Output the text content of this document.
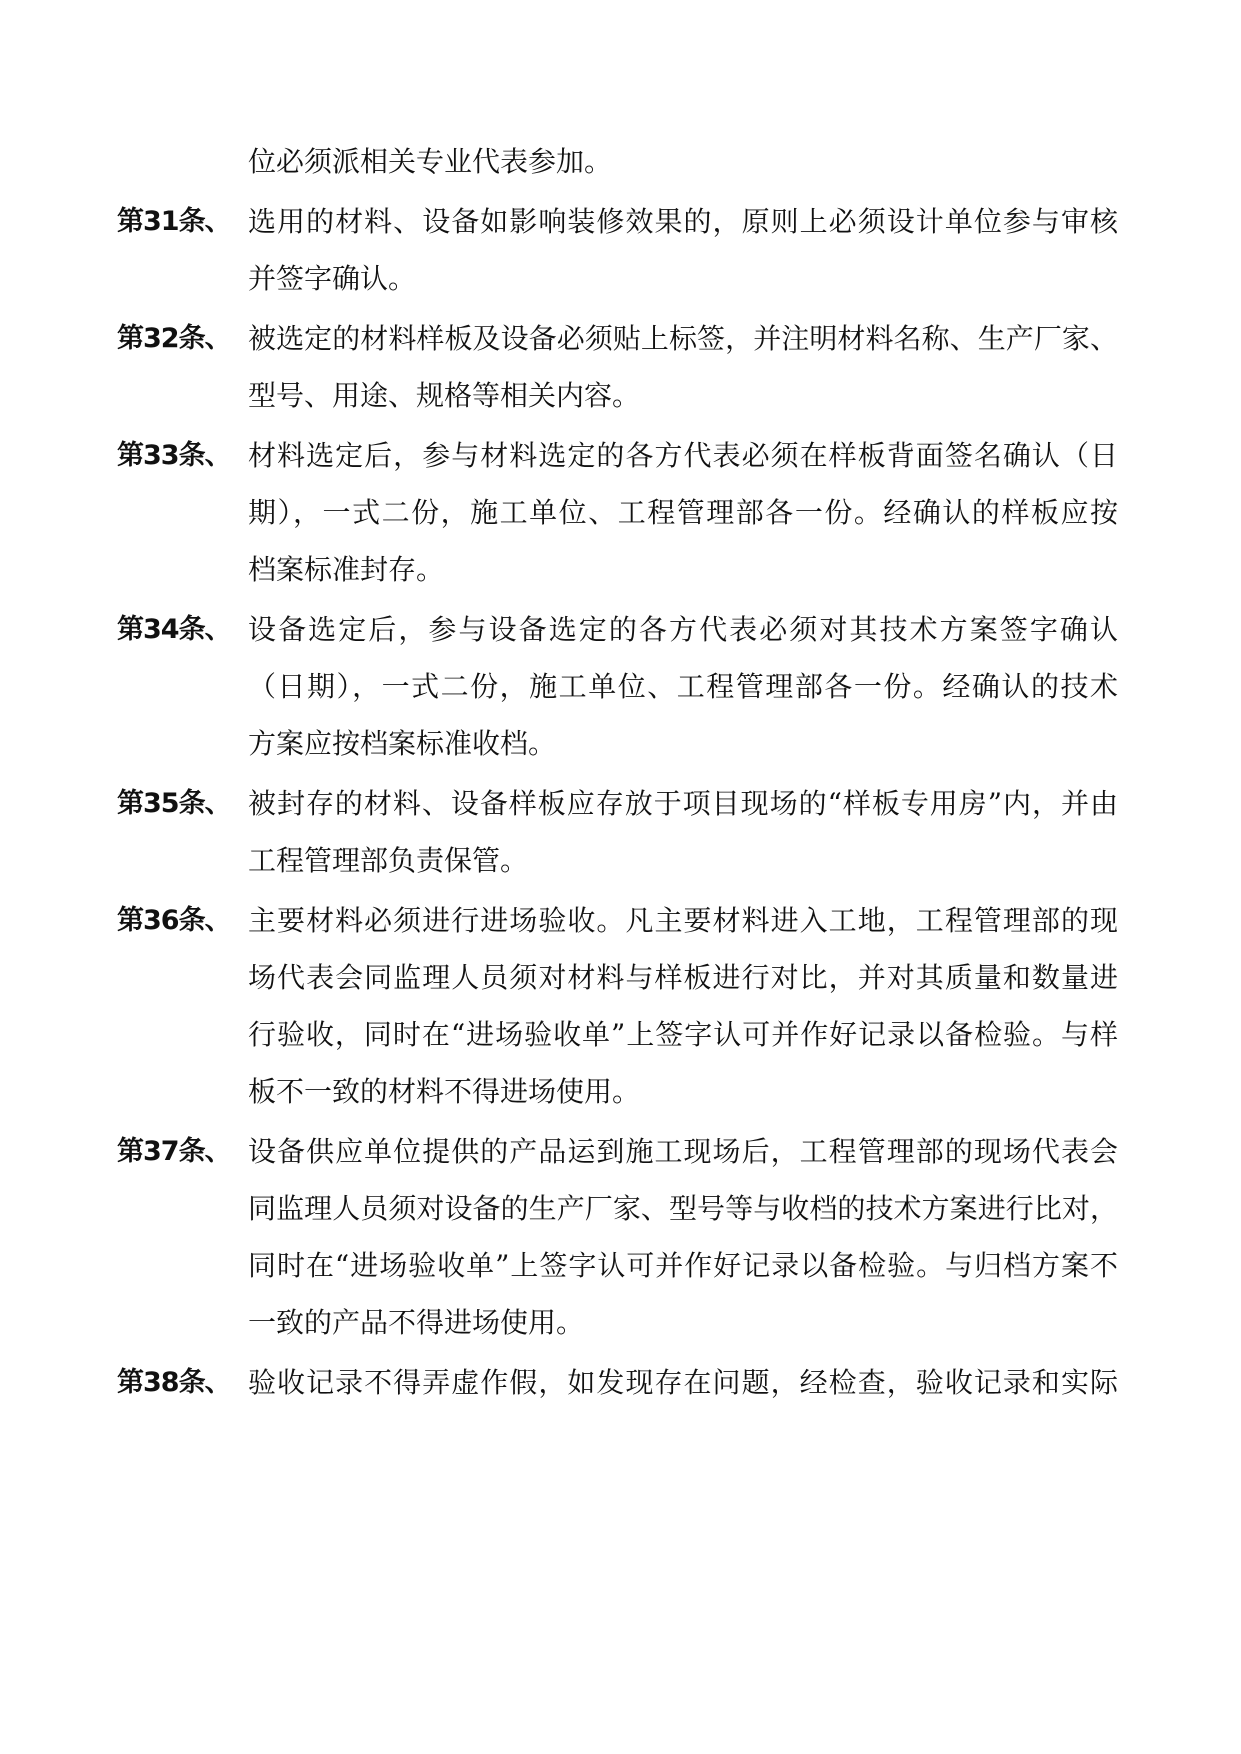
位必须派相关专业代表参加。
第31条、 选用的材料、设备如影响装修效果的，原则上必须设计单位参与审核
并签字确认。
第32条、 被选定的材料样板及设备必须贴上标签，并注明材料名称、生产厂家、
型号、用途、规格等相关内容。
第33条、 材料选定后，参与材料选定的各方代表必须在样板背面签名确认（日
期），一式二份，施工单位、工程管理部各一份。经确认的样板应按
档案标准封存。
第34条、 设备选定后，参与设备选定的各方代表必须对其技术方案签字确认
（日期），一式二份，施工单位、工程管理部各一份。经确认的技术
方案应按档案标准收档。
第35条、 被封存的材料、设备样板应存放于项目现场的“样板专用房”内，并由
工程管理部负责保管。
第36条、 主要材料必须进行进场验收。凡主要材料进入工地，工程管理部的现
场代表会同监理人员须对材料与样板进行对比，并对其质量和数量进
行验收，同时在“进场验收单”上签字认可并作好记录以备检验。与样
板不一致的材料不得进场使用。
第37条、 设备供应单位提供的产品运到施工现场后，工程管理部的现场代表会
同监理人员须对设备的生产厂家、型号等与收档的技术方案进行比对，
同时在“进场验收单”上签字认可并作好记录以备检验。与归档方案不
一致的产品不得进场使用。
第38条、 验收记录不得弄虚作假，如发现存在问题，经检查，验收记录和实际
